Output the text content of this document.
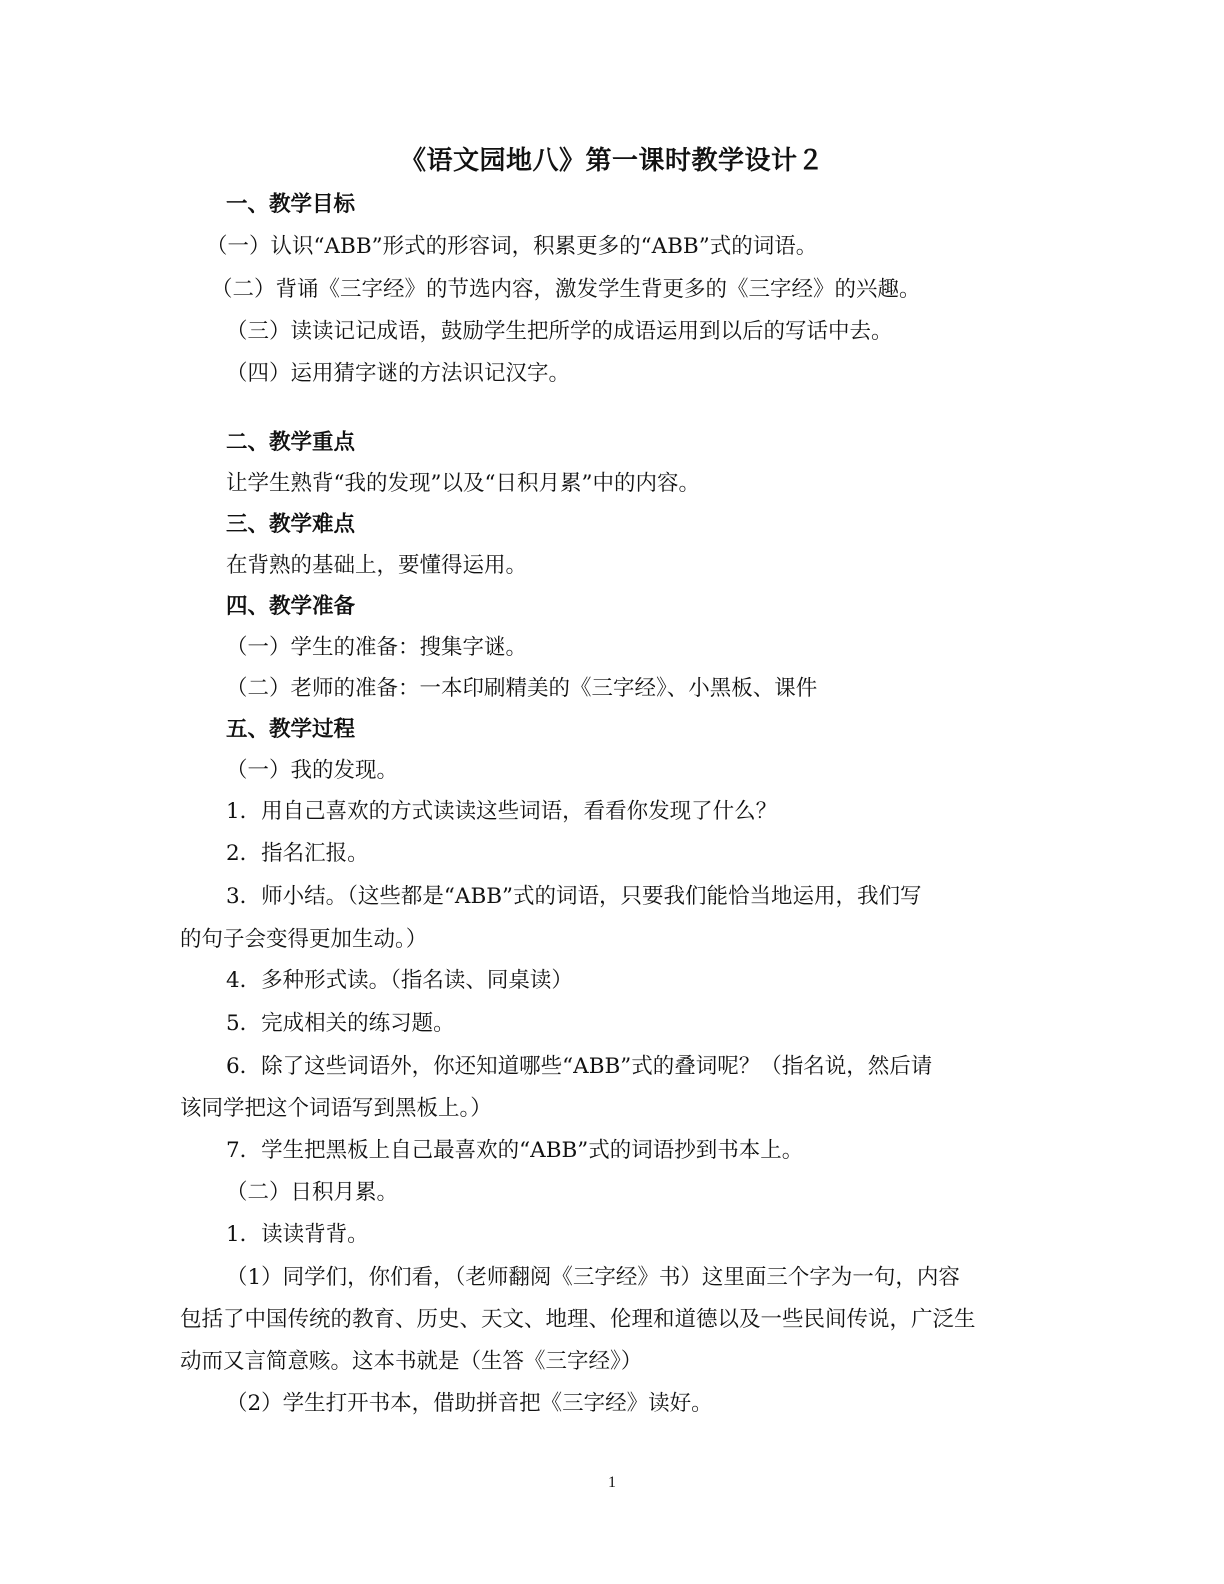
《语文园地八》第一课时教学设计２
一、教学目标
（一）认识“ABB”形式的形容词，积累更多的“ABB”式的词语。
（二）背诵《三字经》的节选内容，激发学生背更多的《三字经》的兴趣。
（三）读读记记成语，鼓励学生把所学的成语运用到以后的写话中去。
（四）运用猜字谜的方法识记汉字。
二、教学重点
让学生熟背“我的发现”以及“日积月累”中的内容。
三、教学难点
在背熟的基础上，要懂得运用。
四、教学准备
（一）学生的准备：搜集字谜。
（二）老师的准备：一本印刷精美的《三字经》、小黑板、课件
五、教学过程
（一）我的发现。
1．用自己喜欢的方式读读这些词语，看看你发现了什么？
2．指名汇报。
3．师小结。（这些都是“ABB”式的词语，只要我们能恰当地运用，我们写
的句子会变得更加生动。）
4．多种形式读。（指名读、同桌读）
5．完成相关的练习题。
6．除了这些词语外，你还知道哪些“ABB”式的叠词呢？（指名说，然后请
该同学把这个词语写到黑板上。）
7．学生把黑板上自己最喜欢的“ABB”式的词语抄到书本上。
（二）日积月累。
1．读读背背。
（1）同学们，你们看，（老师翻阅《三字经》书）这里面三个字为一句，内容
包括了中国传统的教育、历史、天文、地理、伦理和道德以及一些民间传说，广泛生
动而又言简意赅。这本书就是（生答《三字经》）
（2）学生打开书本，借助拼音把《三字经》读好。
1
